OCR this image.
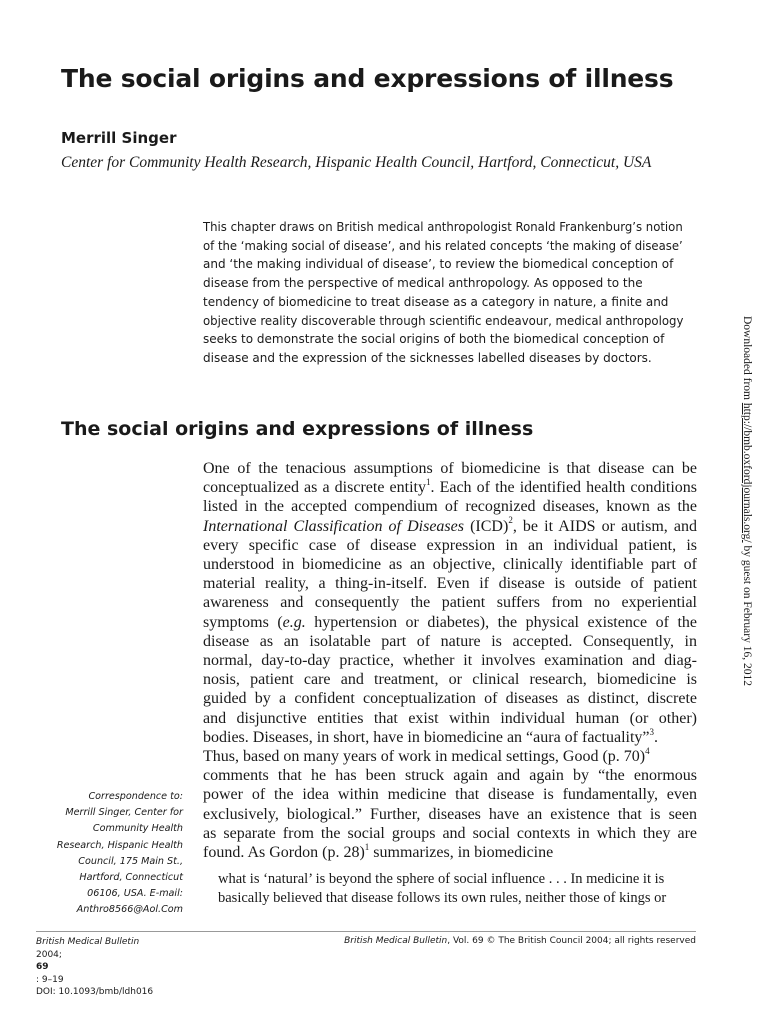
The social origins and expressions of illness
Merrill Singer
Center for Community Health Research, Hispanic Health Council, Hartford, Connecticut, USA
This chapter draws on British medical anthropologist Ronald Frankenburg’s notion
of the ‘making social of disease’, and his related concepts ‘the making of disease’
and ‘the making individual of disease’, to review the biomedical conception of
disease from the perspective of medical anthropology. As opposed to the
tendency of biomedicine to treat disease as a category in nature, a finite and
objective reality discoverable through scientific endeavour, medical anthropology
seeks to demonstrate the social origins of both the biomedical conception of
disease and the expression of the sicknesses labelled diseases by doctors.
The social origins and expressions of illness
One of the tenacious assumptions of biomedicine is that disease can be
conceptualized as a discrete entity$^1$. Each of the identified health conditions
listed in the accepted compendium of recognized diseases, known as the
International Classification of Diseases (ICD)$^2$, be it AIDS or autism, and
every specific case of disease expression in an individual patient, is
understood in biomedicine as an objective, clinically identifiable part of
material reality, a thing-in-itself. Even if disease is outside of patient
awareness and consequently the patient suffers from no experiential
symptoms (e.g. hypertension or diabetes), the physical existence of the
disease as an isolatable part of nature is accepted. Consequently, in
normal, day-to-day practice, whether it involves examination and diag-
nosis, patient care and treatment, or clinical research, biomedicine is
guided by a confident conceptualization of diseases as distinct, discrete
and disjunctive entities that exist within individual human (or other)
bodies. Diseases, in short, have in biomedicine an “aura of factuality”$^3$.
Thus, based on many years of work in medical settings, Good (p. 70)$^4$
comments that he has been struck again and again by “the enormous
power of the idea within medicine that disease is fundamentally, even
exclusively, biological.” Further, diseases have an existence that is seen
as separate from the social groups and social contexts in which they are
found. As Gordon (p. 28)$^1$ summarizes, in biomedicine
what is ‘natural’ is beyond the sphere of social influence . . . In medicine it is
basically believed that disease follows its own rules, neither those of kings or
Correspondence to:
Merrill Singer, Center for
Community Health
Research, Hispanic Health
Council, 175 Main St.,
Hartford, Connecticut
06106, USA. E-mail:
Anthro8566@Aol.Com
Downloaded from http://bmb.oxfordjournals.org/ by guest on February 16, 2012
British Medical Bulletin
2004;
69
: 9–19
DOI: 10.1093/bmb/ldh016
British Medical Bulletin, Vol. 69 © The British Council 2004; all rights reserved
